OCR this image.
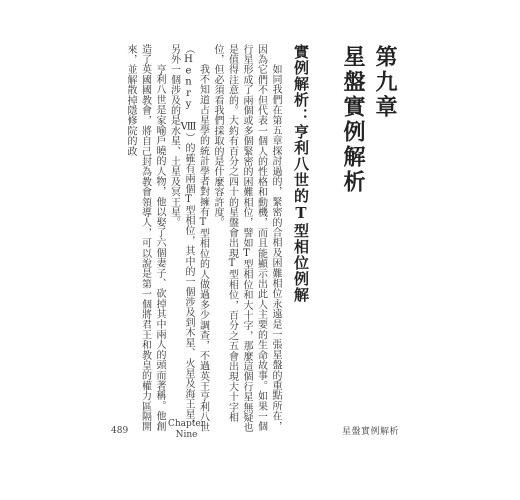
第九章
星盤實例解析
實例解析：亨利八世的T型相位例解

如同我們在第五章探討過的，緊密的合相及困難相位永遠是一張星盤的重點所在，因為它們不但代表一個人的性格和動機，而且能顯示出此人主要的生命故事。如果一個行星形成了兩個或多個緊密的困難相位，譬如T型相位和大十字，那麼這個行星無疑也是值得注意的。大約有百分之四十的星盤會出現T型相位，百分之五會出現大十字相位，但必須看我們採取的是什麼容許度。

我不知道占星學的統計學者對擁有T型相位的人做過多少調查，不過英王亨利八世（Henry Ⅷ）的確有兩個T型相位，其中的一個涉及到木星、火星及海王星，另外一個涉及的是水星、土星及冥王星。

亨利八世是家喻戶曉的人物，他以娶了六個妻子、砍掉其中兩人的頭而著稱。他創造了英國國教會，將自己封為教會領導人，可以說是第一個將君王和教皇的權力區隔開來，並解散掉隱修院的政

489
Chapter
Nine	星盤實例解析
